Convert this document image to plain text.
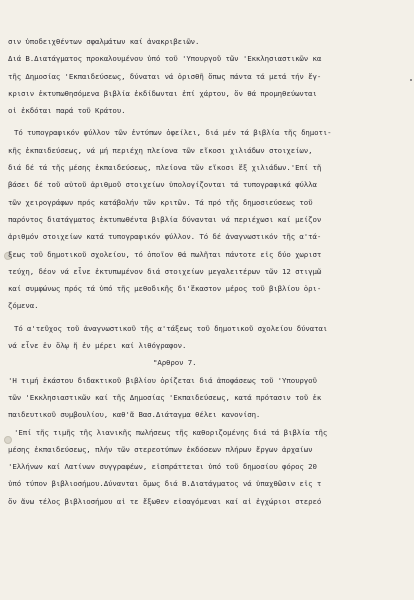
σιν ὑποδειχθέντων σφαλμάτων καί ἀνακριβειῶν.
Διά Β.Διατάγματος προκαλουμένου ὑπό τοῦ 'Υπουργοῦ τῶν 'Εκκλησιαστικῶν κα
τῆς Δημοσίας 'Εκπαιδεύσεως, δύναται νά ὁρισθῆ ὅπως πάντα τά μετά τήν ἔγ-
κρισιν ἐκτυπωθησόμενα βιβλία ἐκδίδωνται ἐπί χάρτου, ὅν θά προμηθεύωνται
οἱ ἐκδόται παρά τοῦ Κράτου.
Τό τυπογραφικόν φύλλον τῶν ἐντύπων ὀφείλει, διά μέν τά βιβλία τῆς δημοτι-
κῆς ἐκπαιδεύσεως, νά μή περιέχη πλείονα τῶν εἴκοσι χιλιάδων στοιχείων,
διά δέ τά τῆς μέσης ἐκπαιδεύσεως, πλείονα τῶν εἴκοσι ἕξ χιλιάδων.'Επί τῆ
βάσει δέ τοῦ αὐτοῦ ἀριθμοῦ στοιχείων ὑπολογίζονται τά τυπογραφικά φύλλα
τῶν χειρογράφων πρός κατάβολήν τῶν κριτῶν. Τά πρό τῆς δημοσιεύσεως τοῦ
παρόντος διατάγματος ἐκτυπωθέντα βιβλία δύνανται νά περιέχωσι καί μείζον
ἀριθμόν στοιχείων κατά τυπογραφικόν φύλλον. Τό δέ ἀναγνωστικόν τῆς α'τά-
ξεως τοῦ δημοτικοῦ σχολείου, τό ὁποῖον θά πωλῆται πάντοτε εἰς δύο χωριστ
τεύχη, δέον νά εἶνε ἐκτυπωμένον διά στοιχείων μεγαλειτέρων τῶν 12 στιγμῶ
καί συμφώνως πρός τά ὑπό τῆς μεθοδικῆς δι'ἕκαστον μέρος τοῦ βιβλίου ὁρι-
ζόμενα.
Τό α'τεῦχος τοῦ ἀναγνωστικοῦ τῆς α'τάξεως τοῦ δημοτικοῦ σχολείου δύναται
νά εἶνε ἐν ὅλῳ ἤ ἐν μέρει καί λιθόγραφον.
"Αρθρον 7.
'Η τιμή ἑκάστου διδακτικοῦ βιβλίου ὁρίζεται διά ἀποφάσεως τοῦ 'Υπουργοῦ
τῶν 'Εκκλησιαστικῶν καί τῆς Δημοσίας 'Εκπαιδεύσεως, κατά πρότασιν τοῦ ἐκ
παιδευτικοῦ συμβουλίου, καθ'ἅ Βασ.Διάταγμα θέλει κανονίση.
'Επί τῆς τιμῆς τῆς λιανικῆς πωλήσεως τῆς καθοριζομένης διά τά βιβλία τῆς
μέσης ἐκπαιδεύσεως, πλήν τῶν στερεοτύπων ἐκδόσεων πλήρων ἔργων ἀρχαίων
'Ελλήνων καί Λατίνων συγγραφέων, εἰσπράττεται ὑπό τοῦ δημοσίου φόρος 20
ὑπό τύπον βιβλιοσήμου.Δύνανται ὅμως διά Β.Διατάγματος νά ὑπαχθῶσιν εἰς τ
ὅν ἄνω τέλος βιβλιοσήμου αἱ τε ἔξωθεν εἰσαγόμεναι καί αἱ ἐγχώριοι στερεό
